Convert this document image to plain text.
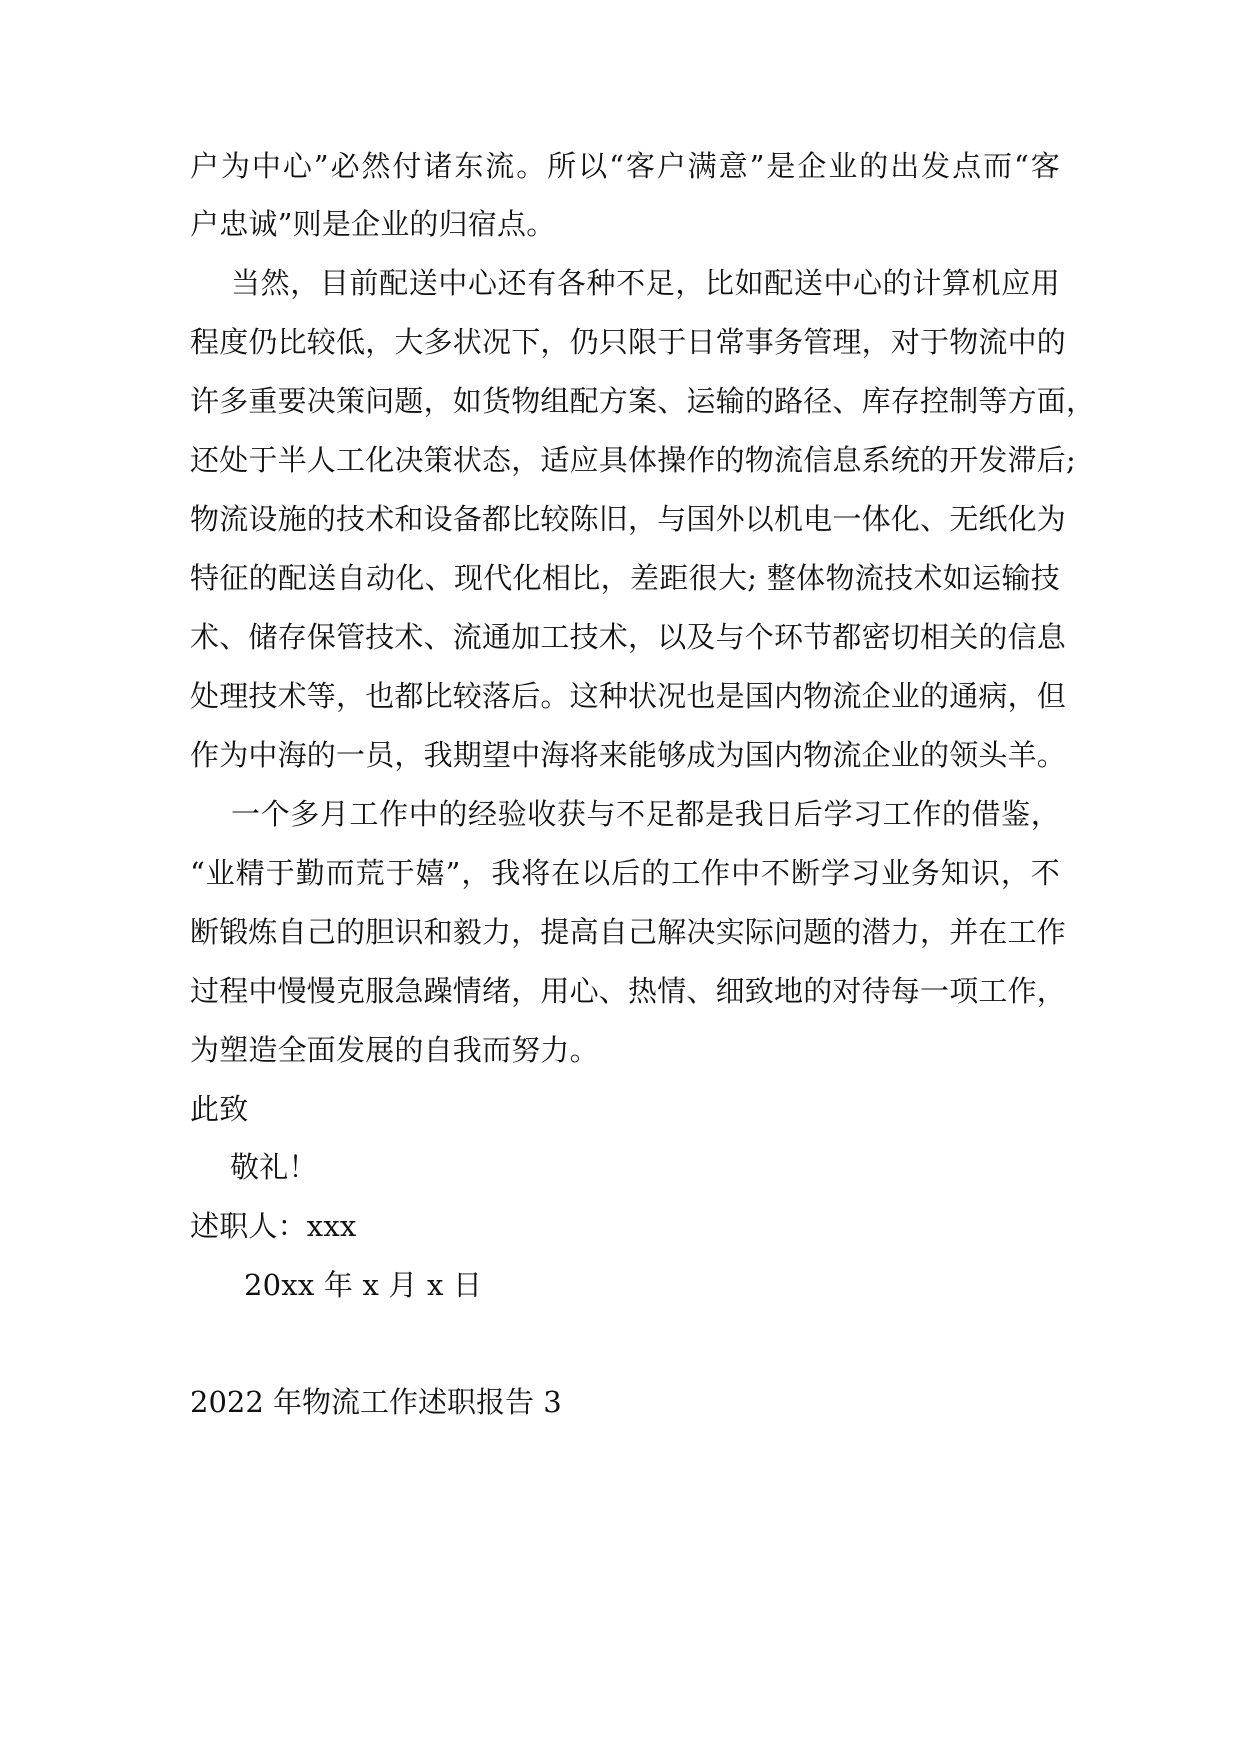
户为中心”必然付诸东流。所以“客户满意”是企业的出发点而“客
户忠诚”则是企业的归宿点。
当然，目前配送中心还有各种不足，比如配送中心的计算机应用
程度仍比较低，大多状况下，仍只限于日常事务管理，对于物流中的
许多重要决策问题，如货物组配方案、运输的路径、库存控制等方面，
还处于半人工化决策状态，适应具体操作的物流信息系统的开发滞后;
物流设施的技术和设备都比较陈旧，与国外以机电一体化、无纸化为
特征的配送自动化、现代化相比，差距很大; 整体物流技术如运输技
术、储存保管技术、流通加工技术，以及与个环节都密切相关的信息
处理技术等，也都比较落后。这种状况也是国内物流企业的通病，但
作为中海的一员，我期望中海将来能够成为国内物流企业的领头羊。
一个多月工作中的经验收获与不足都是我日后学习工作的借鉴，
“业精于勤而荒于嬉”，我将在以后的工作中不断学习业务知识，不
断锻炼自己的胆识和毅力，提高自己解决实际问题的潜力，并在工作
过程中慢慢克服急躁情绪，用心、热情、细致地的对待每一项工作，
为塑造全面发展的自我而努力。
此致
敬礼！
述职人：xxx
20xx 年 x 月 x 日
2022 年物流工作述职报告 3
